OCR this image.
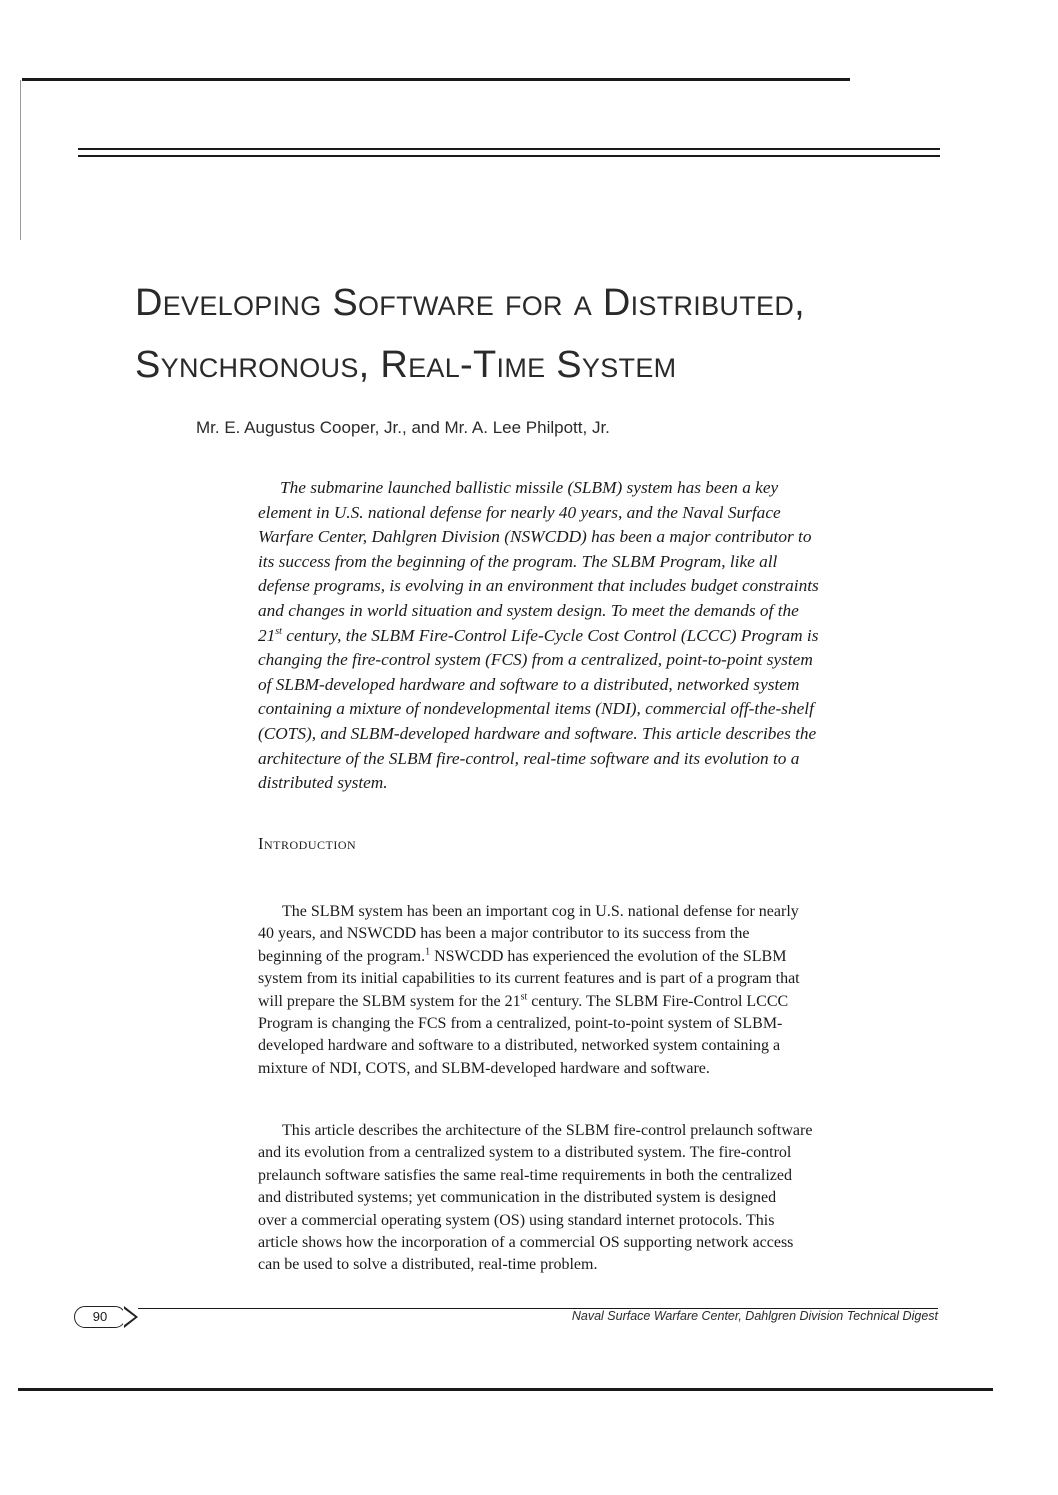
Developing Software for a Distributed,
Synchronous, Real-Time System

Mr. E. Augustus Cooper, Jr., and Mr. A. Lee Philpott, Jr.

The submarine launched ballistic missile (SLBM) system has been a key
element in U.S. national defense for nearly 40 years, and the Naval Surface
Warfare Center, Dahlgren Division (NSWCDD) has been a major contributor to
its success from the beginning of the program. The SLBM Program, like all
defense programs, is evolving in an environment that includes budget constraints
and changes in world situation and system design. To meet the demands of the
21st century, the SLBM Fire-Control Life-Cycle Cost Control (LCCC) Program is
changing the fire-control system (FCS) from a centralized, point-to-point system
of SLBM-developed hardware and software to a distributed, networked system
containing a mixture of nondevelopmental items (NDI), commercial off-the-shelf
(COTS), and SLBM-developed hardware and software. This article describes the
architecture of the SLBM fire-control, real-time software and its evolution to a
distributed system.
Introduction
The SLBM system has been an important cog in U.S. national defense for nearly
40 years, and NSWCDD has been a major contributor to its success from the
beginning of the program.$^1$ NSWCDD has experienced the evolution of the SLBM
system from its initial capabilities to its current features and is part of a program that
will prepare the SLBM system for the 21st century. The SLBM Fire-Control LCCC
Program is changing the FCS from a centralized, point-to-point system of SLBM-
developed hardware and software to a distributed, networked system containing a
mixture of NDI, COTS, and SLBM-developed hardware and software.
This article describes the architecture of the SLBM fire-control prelaunch software
and its evolution from a centralized system to a distributed system. The fire-control
prelaunch software satisfies the same real-time requirements in both the centralized
and distributed systems; yet communication in the distributed system is designed
over a commercial operating system (OS) using standard internet protocols. This
article shows how the incorporation of a commercial OS supporting network access
can be used to solve a distributed, real-time problem.
90	Naval Surface Warfare Center, Dahlgren Division Technical Digest
